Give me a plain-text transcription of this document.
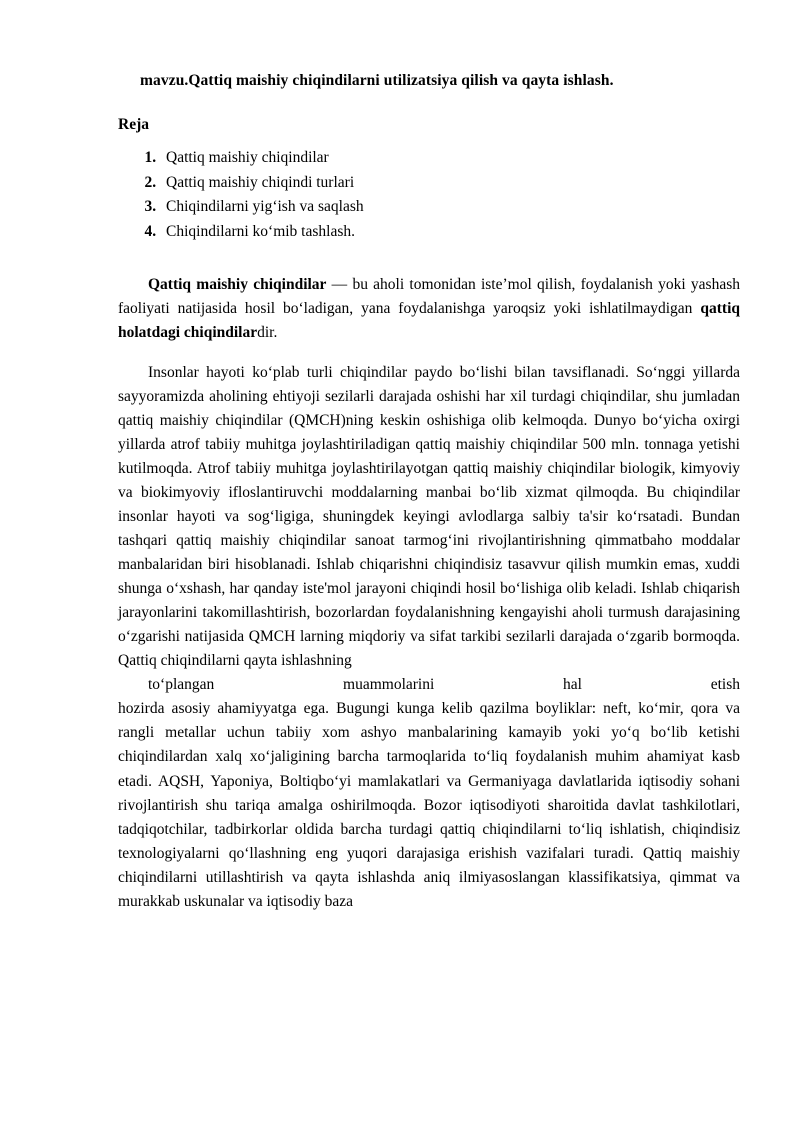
mavzu.Qattiq maishiy chiqindilarni utilizatsiya qilish va qayta ishlash.
Reja
1. Qattiq maishiy chiqindilar
2. Qattiq maishiy chiqindi turlari
3. Chiqindilarni yig‘ish va saqlash
4. Chiqindilarni ko‘mib tashlash.

Qattiq maishiy chiqindilar — bu aholi tomonidan iste’mol qilish, foydalanish yoki yashash faoliyati natijasida hosil bo‘ladigan, yana foydalanishga yaroqsiz yoki ishlatilmaydigan qattiq holatdagi chiqindilardir.

Insonlar hayoti ko‘plab turli chiqindilar paydo bo‘lishi bilan tavsiflanadi. So‘nggi yillarda sayyoramizda aholining ehtiyoji sezilarli darajada oshishi har xil turdagi chiqindilar, shu jumladan qattiq maishiy chiqindilar (QMCH)ning keskin oshishiga olib kelmoqda. Dunyo bo‘yicha oxirgi yillarda atrof tabiiy muhitga joylashtiriladigan qattiq maishiy chiqindilar 500 mln. tonnaga yetishi kutilmoqda. Atrof tabiiy muhitga joylashtirilayotgan qattiq maishiy chiqindilar biologik, kimyoviy va biokimyoviy ifloslantiruvchi moddalarning manbai bo‘lib xizmat qilmoqda. Bu chiqindilar insonlar hayoti va sog‘ligiga, shuningdek keyingi avlodlarga salbiy ta'sir ko‘rsatadi. Bundan tashqari qattiq maishiy chiqindilar sanoat tarmog‘ini rivojlantirishning qimmatbaho moddalar manbalaridan biri hisoblanadi. Ishlab chiqarishni chiqindisiz tasavvur qilish mumkin emas, xuddi shunga o‘xshash, har qanday iste'mol jarayoni chiqindi hosil bo‘lishiga olib keladi. Ishlab chiqarish jarayonlarini takomillashtirish, bozorlardan foydalanishning kengayishi aholi turmush darajasining o‘zgarishi natijasida QMCH larning miqdoriy va sifat tarkibi sezilarli darajada o‘zgarib bormoqda. Qattiq chiqindilarni qayta ishlashning
to‘plangan muammolarini hal etish
hozirda asosiy ahamiyyatga ega. Bugungi kunga kelib qazilma boyliklar: neft, ko‘mir, qora va rangli metallar uchun tabiiy xom ashyo manbalarining kamayib yoki yo‘q bo‘lib ketishi chiqindilardan xalq xo‘jaligining barcha tarmoqlarida to‘liq foydalanish muhim ahamiyat kasb etadi. AQSH, Yaponiya, Boltiqbo‘yi mamlakatlari va Germaniyaga davlatlarida iqtisodiy sohani rivojlantirish shu tariqa amalga oshirilmoqda. Bozor iqtisodiyoti sharoitida davlat tashkilotlari, tadqiqotchilar, tadbirkorlar oldida barcha turdagi qattiq chiqindilarni to‘liq ishlatish, chiqindisiz texnologiyalarni qo‘llashning eng yuqori darajasiga erishish vazifalari turadi. Qattiq maishiy chiqindilarni utillashtirish va qayta ishlashda aniq ilmiyasoslangan klassifikatsiya, qimmat va murakkab uskunalar va iqtisodiy baza
